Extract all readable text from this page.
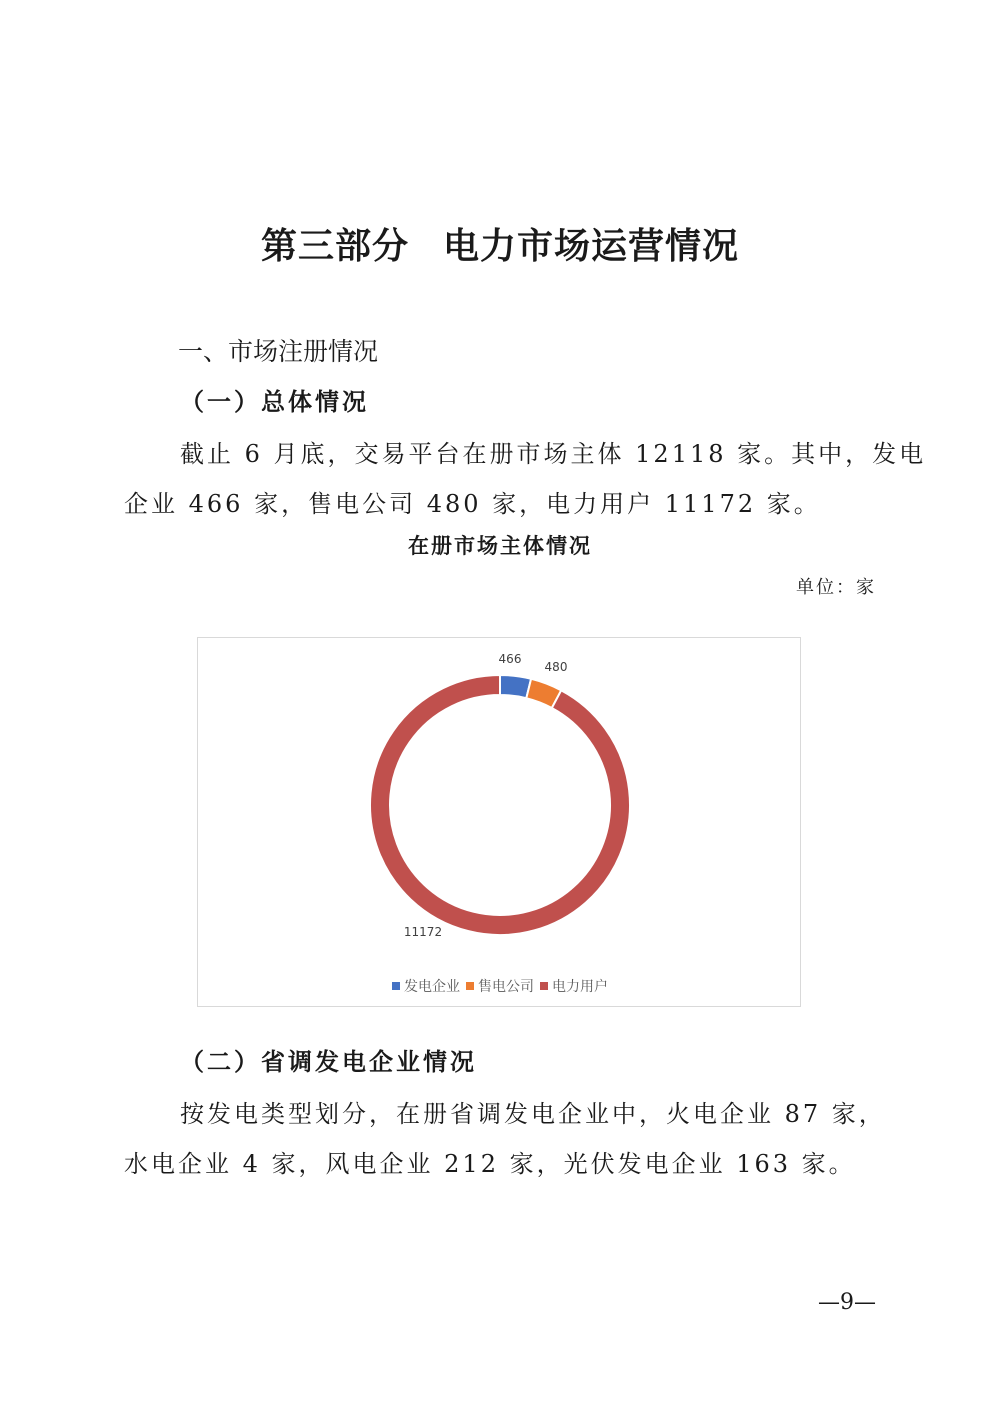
第三部分 电力市场运营情况
一、市场注册情况
（一）总体情况
截止 6 月底，交易平台在册市场主体 12118 家。其中，发电
企业 466 家，售电公司 480 家，电力用户 11172 家。
在册市场主体情况
单位：家
466
480
11172
发电企业 售电公司 电力用户
（二）省调发电企业情况
按发电类型划分，在册省调发电企业中，火电企业 87 家，
水电企业 4 家，风电企业 212 家，光伏发电企业 163 家。
—9—
